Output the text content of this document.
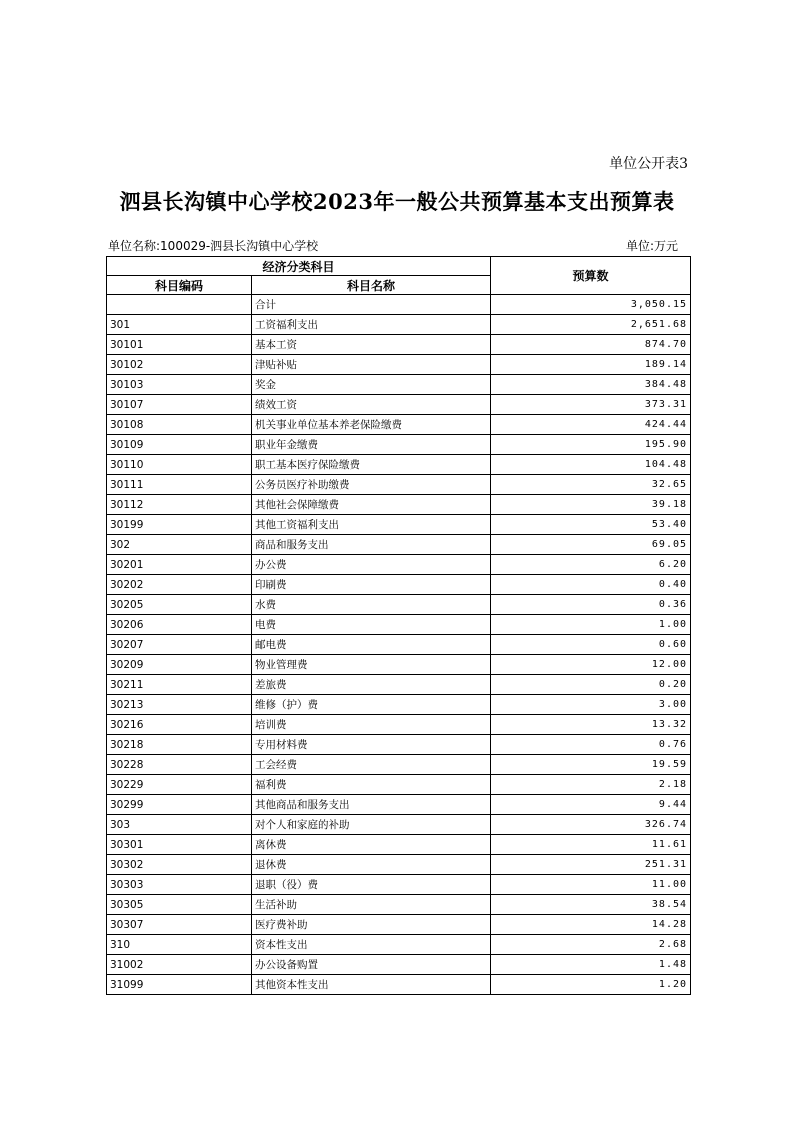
单位公开表3
泗县长沟镇中心学校2023年一般公共预算基本支出预算表
单位名称:100029-泗县长沟镇中心学校	单位:万元
经济分类科目		预算数
科目编码	科目名称	
	合计	3,050.15
301	工资福利支出	2,651.68
30101	基本工资	874.70
30102	津贴补贴	189.14
30103	奖金	384.48
30107	绩效工资	373.31
30108	机关事业单位基本养老保险缴费	424.44
30109	职业年金缴费	195.90
30110	职工基本医疗保险缴费	104.48
30111	公务员医疗补助缴费	32.65
30112	其他社会保障缴费	39.18
30199	其他工资福利支出	53.40
302	商品和服务支出	69.05
30201	办公费	6.20
30202	印刷费	0.40
30205	水费	0.36
30206	电费	1.00
30207	邮电费	0.60
30209	物业管理费	12.00
30211	差旅费	0.20
30213	维修（护）费	3.00
30216	培训费	13.32
30218	专用材料费	0.76
30228	工会经费	19.59
30229	福利费	2.18
30299	其他商品和服务支出	9.44
303	对个人和家庭的补助	326.74
30301	离休费	11.61
30302	退休费	251.31
30303	退职（役）费	11.00
30305	生活补助	38.54
30307	医疗费补助	14.28
310	资本性支出	2.68
31002	办公设备购置	1.48
31099	其他资本性支出	1.20
